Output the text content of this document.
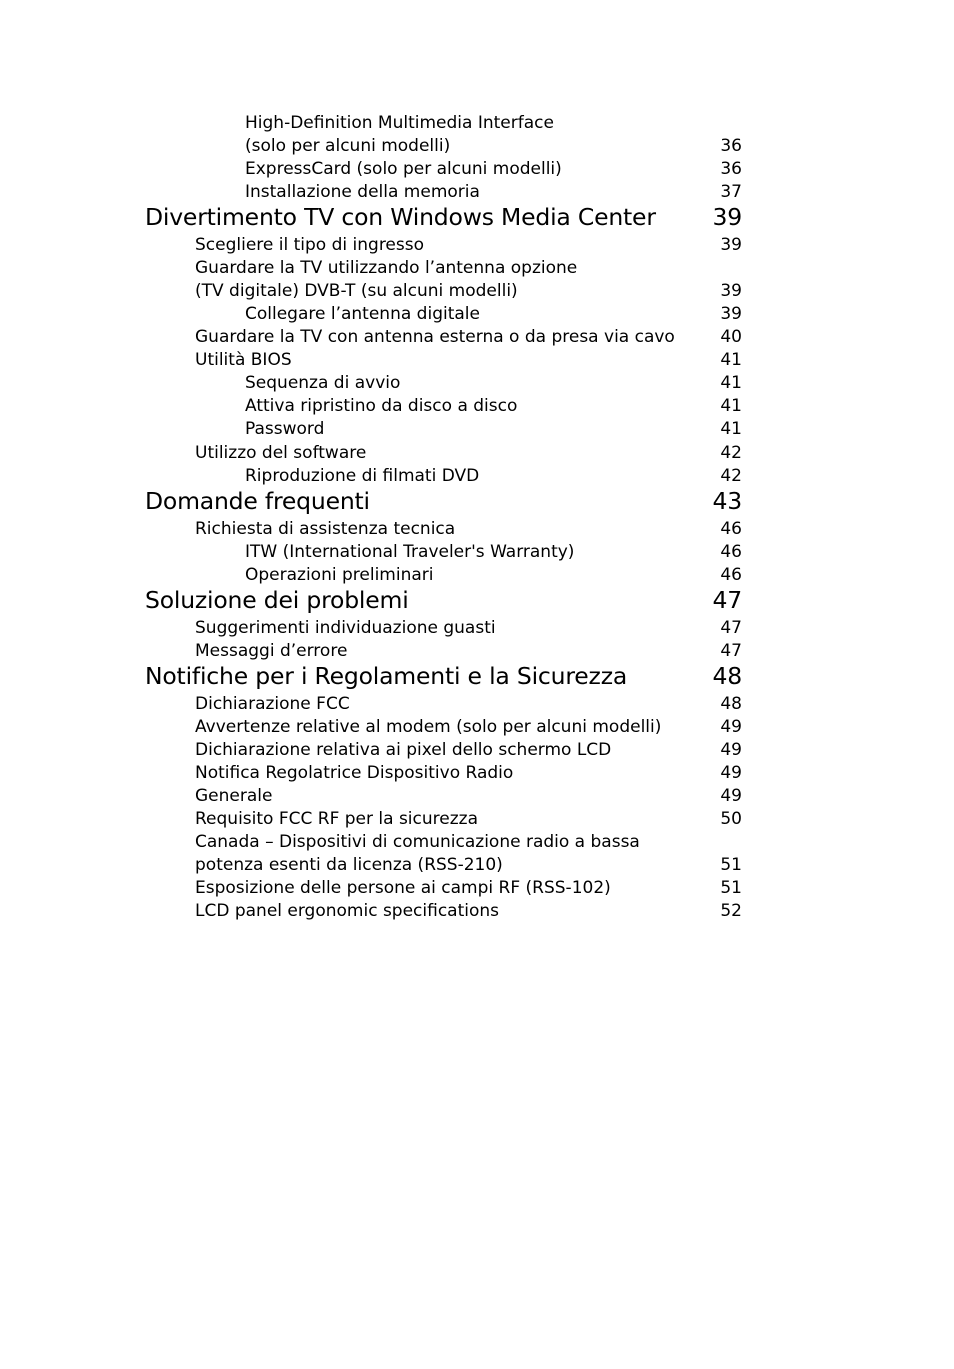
High-Definition Multimedia Interface
(solo per alcuni modelli)	36
ExpressCard (solo per alcuni modelli)	36
Installazione della memoria	37
Divertimento TV con Windows Media Center 39
Scegliere il tipo di ingresso	39
Guardare la TV utilizzando l’antenna opzione
(TV digitale) DVB-T (su alcuni modelli)	39
Collegare l’antenna digitale	39
Guardare la TV con antenna esterna o da presa via cavo	40
Utilità BIOS	41
Sequenza di avvio	41
Attiva ripristino da disco a disco	41
Password	41
Utilizzo del software	42
Riproduzione di filmati DVD	42
Domande frequenti	43
Richiesta di assistenza tecnica	46
ITW (International Traveler's Warranty)	46
Operazioni preliminari	46
Soluzione dei problemi	47
Suggerimenti individuazione guasti	47
Messaggi d’errore	47
Notifiche per i Regolamenti e la Sicurezza	48
Dichiarazione FCC	48
Avvertenze relative al modem (solo per alcuni modelli)	49
Dichiarazione relativa ai pixel dello schermo LCD	49
Notifica Regolatrice Dispositivo Radio	49
Generale	49
Requisito FCC RF per la sicurezza	50
Canada – Dispositivi di comunicazione radio a bassa
potenza esenti da licenza (RSS-210)	51
Esposizione delle persone ai campi RF (RSS-102)	51
LCD panel ergonomic specifications	52
